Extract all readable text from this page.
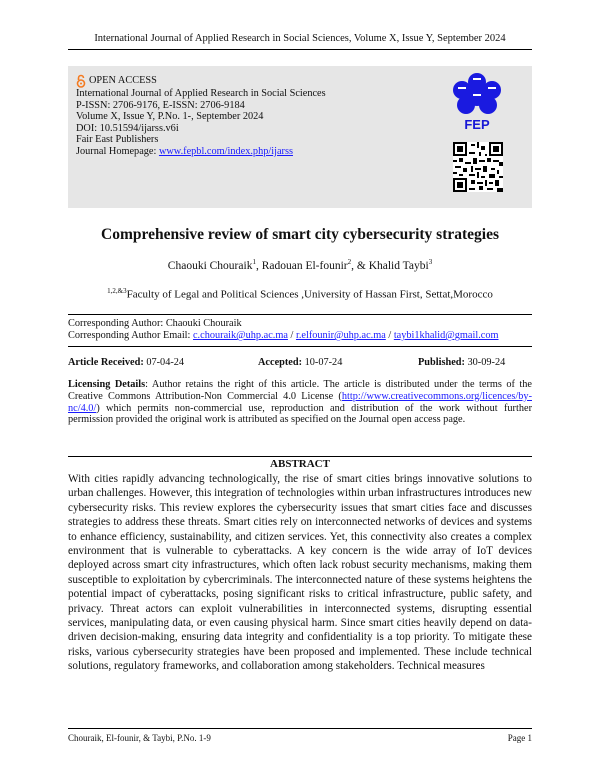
International Journal of Applied Research in Social Sciences, Volume X, Issue Y, September 2024
OPEN ACCESS
International Journal of Applied Research in Social Sciences
P-ISSN: 2706-9176, E-ISSN: 2706-9184
Volume X, Issue Y, P.No. 1-, September 2024
DOI: 10.51594/ijarss.v6i
Fair East Publishers
Journal Homepage: www.fepbl.com/index.php/ijarss
FEP
Comprehensive review of smart city cybersecurity strategies
Chaouki Chouraik$^1$, Radouan El-founir$^2$, & Khalid Taybi$^3$
$^{1,2,\&3}$Faculty of Legal and Political Sciences ,University of Hassan First, Settat,Morocco
Corresponding Author: Chaouki Chouraik
Corresponding Author Email: c.chouraik@uhp.ac.ma / r.elfounir@uhp.ac.ma / taybi1khalid@gmail.com
Article Received: 07-04-24	Accepted: 10-07-24	Published: 30-09-24
Licensing Details: Author retains the right of this article. The article is distributed under the terms of the Creative Commons Attribution-Non Commercial 4.0 License (http://www.creativecommons.org/licences/by-nc/4.0/) which permits non-commercial use, reproduction and distribution of the work without further permission provided the original work is attributed as specified on the Journal open access page.
ABSTRACT
With cities rapidly advancing technologically, the rise of smart cities brings innovative solutions to urban challenges. However, this integration of technologies within urban infrastructures introduces new cybersecurity risks. This review explores the cybersecurity issues that smart cities face and discusses strategies to address these threats. Smart cities rely on interconnected networks of devices and systems to enhance efficiency, sustainability, and citizen services. Yet, this connectivity also creates a complex environment that is vulnerable to cyberattacks. A key concern is the wide array of IoT devices deployed across smart city infrastructures, which often lack robust security mechanisms, making them susceptible to exploitation by cybercriminals. The interconnected nature of these systems heightens the potential impact of cyberattacks, posing significant risks to critical infrastructure, public safety, and privacy. Threat actors can exploit vulnerabilities in interconnected systems, disrupting essential services, manipulating data, or even causing physical harm. Since smart cities heavily depend on data-driven decision-making, ensuring data integrity and confidentiality is a top priority. To mitigate these risks, various cybersecurity strategies have been proposed and implemented. These include technical solutions, regulatory frameworks, and collaboration among stakeholders. Technical measures
Chouraik, El-founir, & Taybi, P.No. 1-9	Page 1
